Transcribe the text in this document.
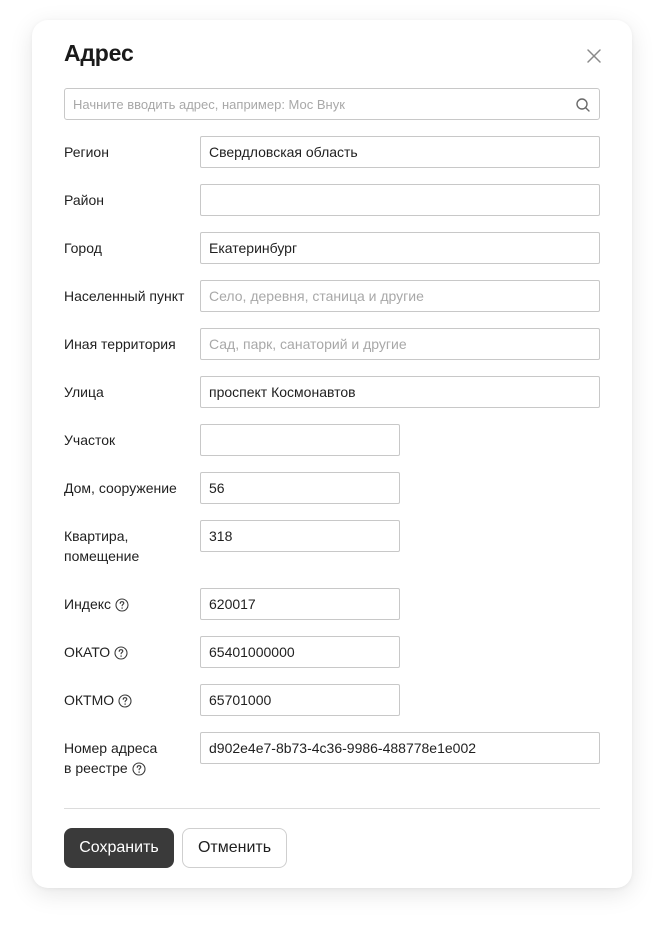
Адрес
Начните вводить адрес, например: Мос Внук
Регион
Свердловская область
Район
Город
Екатеринбург
Населенный пункт
Село, деревня, станица и другие
Иная территория
Сад, парк, санаторий и другие
Улица
проспект Космонавтов
Участок
Дом, сооружение
56
Квартира,
помещение
318
Индекс
620017
ОКАТО
65401000000
ОКТМО
65701000
Номер адреса
в реестре
d902e4e7-8b73-4c36-9986-488778e1e002
Сохранить	Отменить
